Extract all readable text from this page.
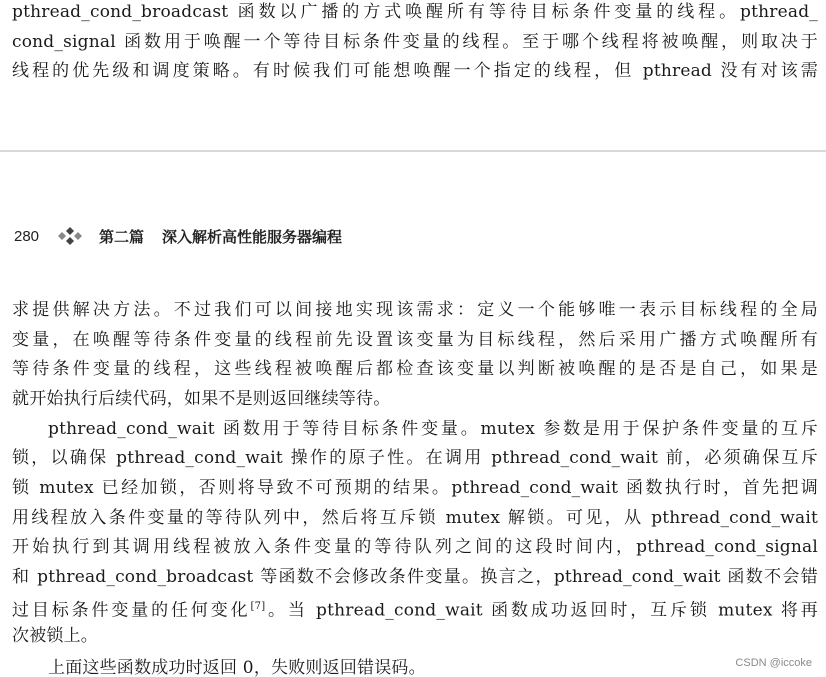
pthread_cond_broadcast 函数以广播的方式唤醒所有等待目标条件变量的线程。pthread_
cond_signal 函数用于唤醒一个等待目标条件变量的线程。至于哪个线程将被唤醒，则取决于
线程的优先级和调度策略。有时候我们可能想唤醒一个指定的线程，但 pthread 没有对该需
280	第二篇 深入解析高性能服务器编程
求提供解决方法。不过我们可以间接地实现该需求：定义一个能够唯一表示目标线程的全局
变量，在唤醒等待条件变量的线程前先设置该变量为目标线程，然后采用广播方式唤醒所有
等待条件变量的线程，这些线程被唤醒后都检查该变量以判断被唤醒的是否是自己，如果是
就开始执行后续代码，如果不是则返回继续等待。
pthread_cond_wait 函数用于等待目标条件变量。mutex 参数是用于保护条件变量的互斥
锁，以确保 pthread_cond_wait 操作的原子性。在调用 pthread_cond_wait 前，必须确保互斥
锁 mutex 已经加锁，否则将导致不可预期的结果。pthread_cond_wait 函数执行时，首先把调
用线程放入条件变量的等待队列中，然后将互斥锁 mutex 解锁。可见，从 pthread_cond_wait
开始执行到其调用线程被放入条件变量的等待队列之间的这段时间内，pthread_cond_signal
和 pthread_cond_broadcast 等函数不会修改条件变量。换言之，pthread_cond_wait 函数不会错
过目标条件变量的任何变化[7]。当 pthread_cond_wait 函数成功返回时，互斥锁 mutex 将再
次被锁上。
上面这些函数成功时返回 0，失败则返回错误码。	CSDN @iccoke
